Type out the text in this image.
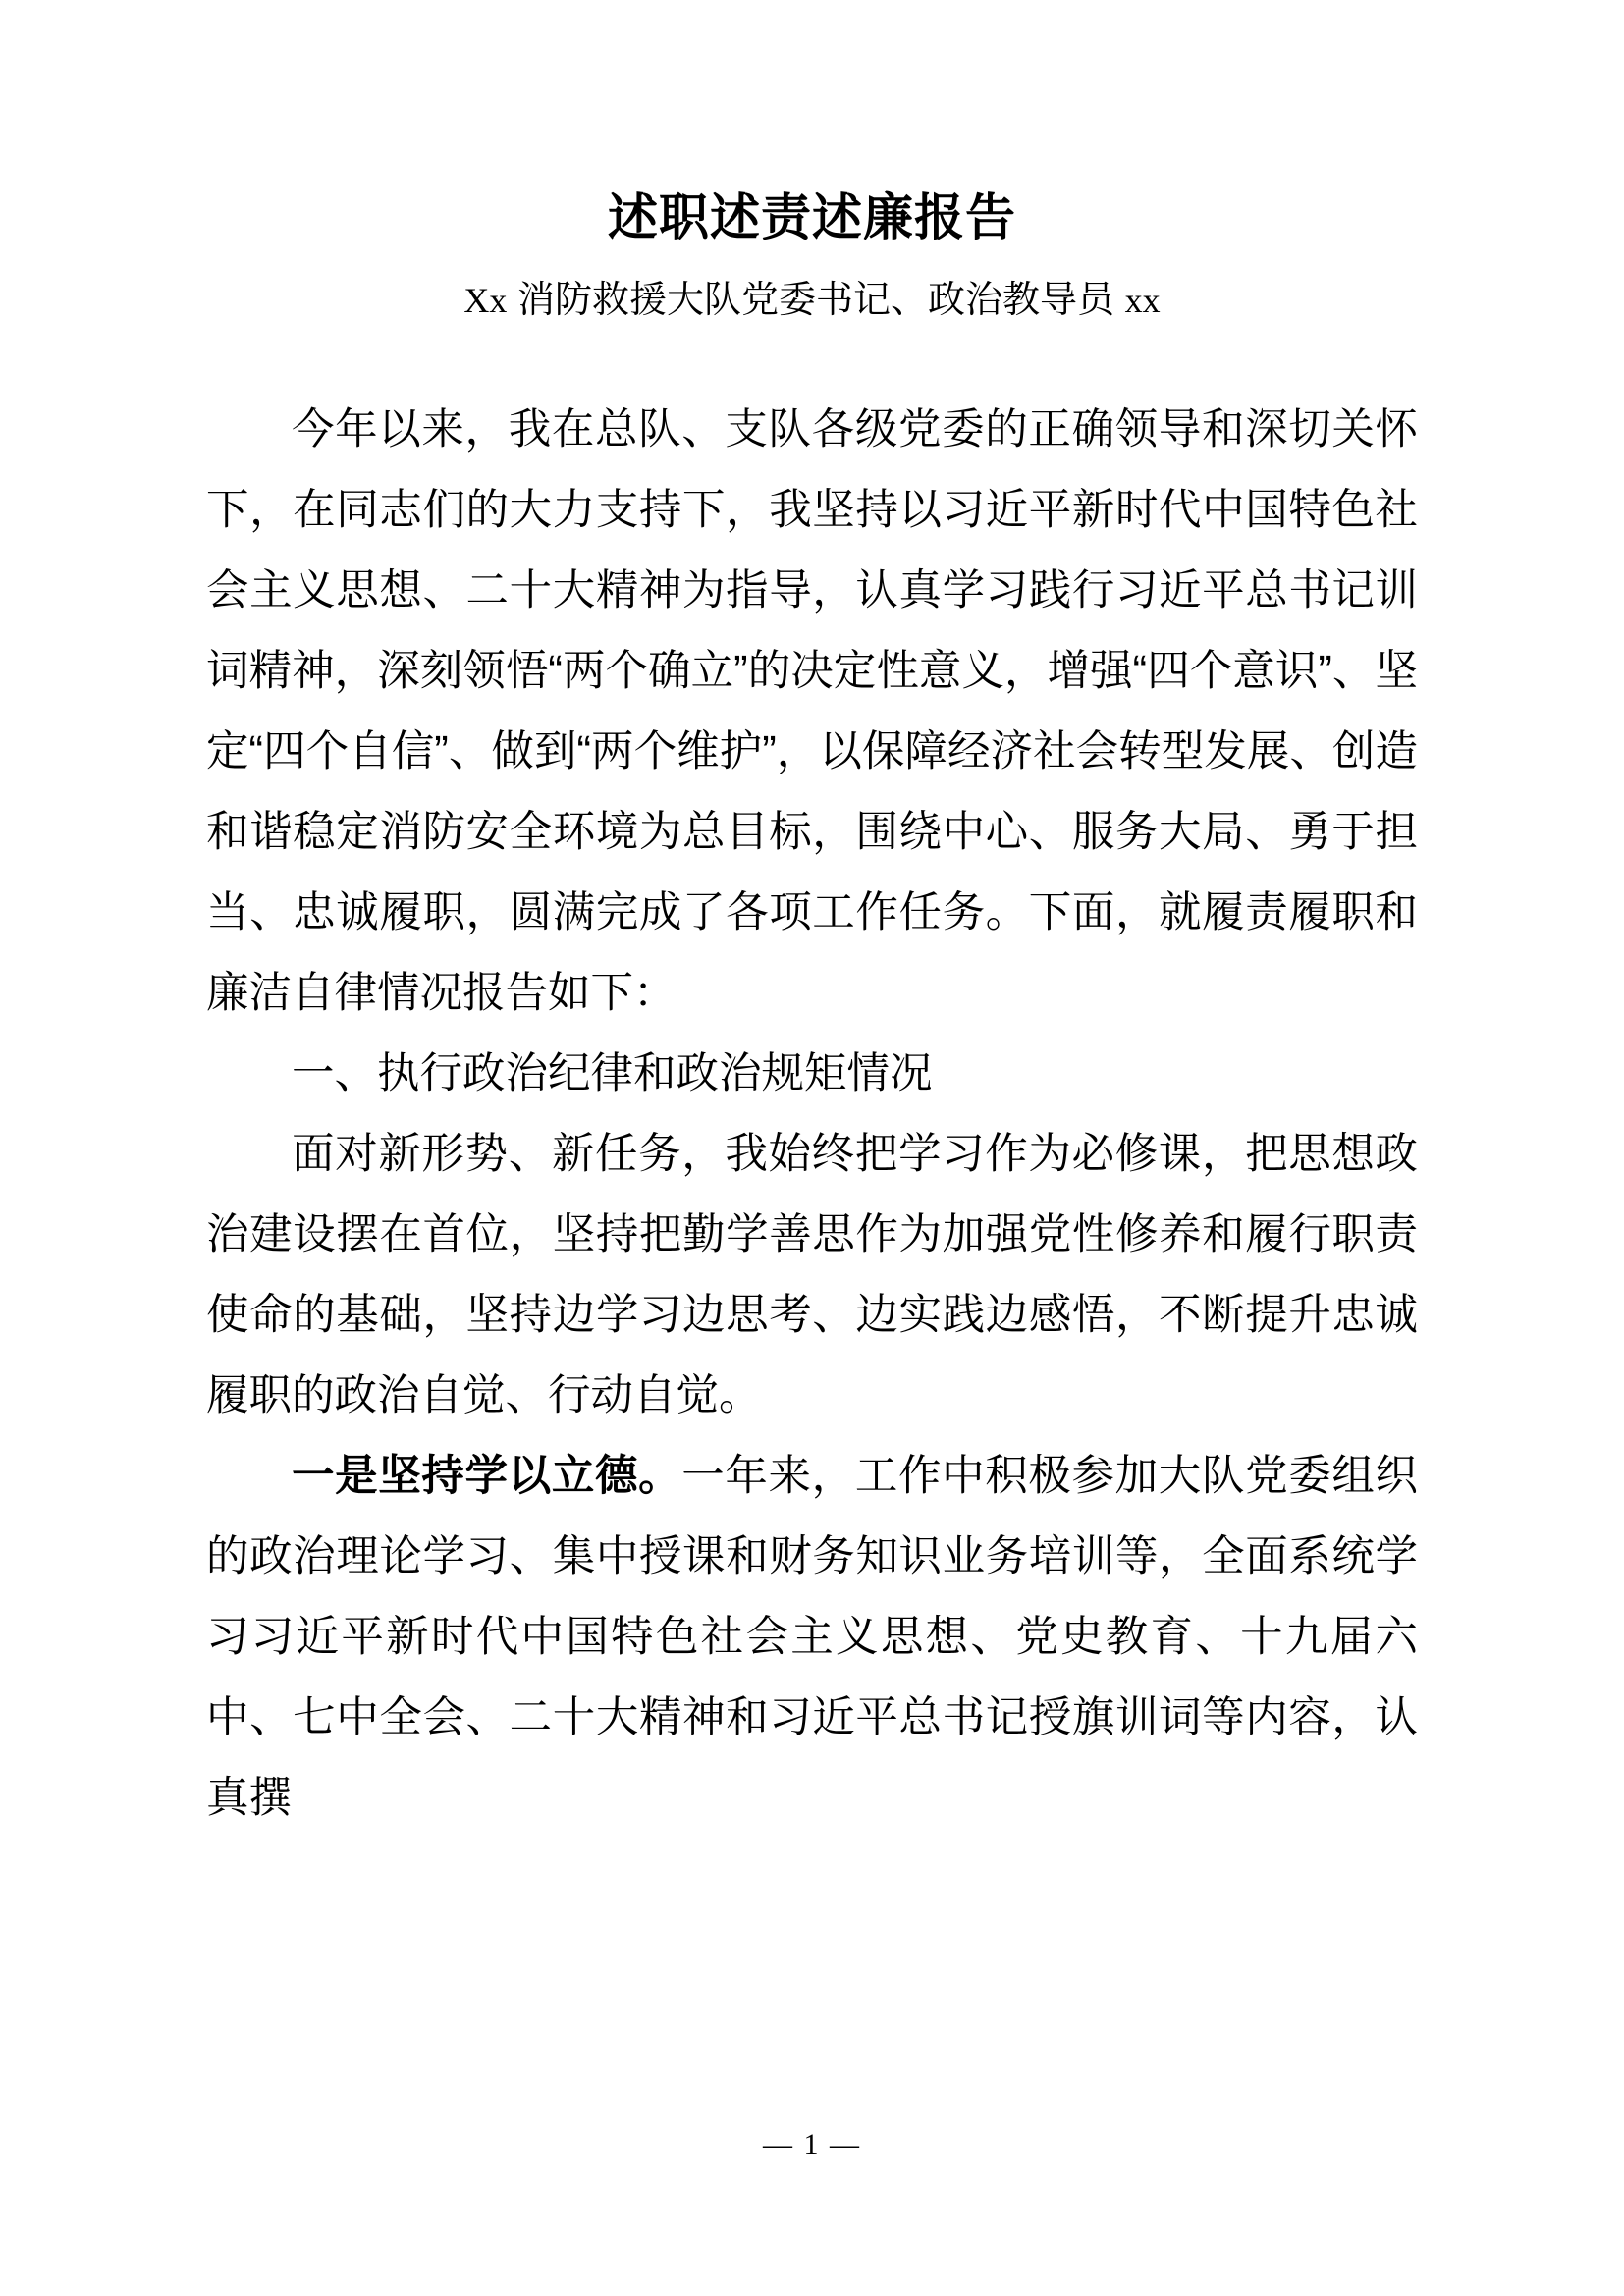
述职述责述廉报告
Xx 消防救援大队党委书记、政治教导员 xx

今年以来，我在总队、支队各级党委的正确领导和深切关怀下，在同志们的大力支持下，我坚持以习近平新时代中国特色社会主义思想、二十大精神为指导，认真学习践行习近平总书记训词精神，深刻领悟“两个确立”的决定性意义，增强“四个意识”、坚定“四个自信”、做到“两个维护”，以保障经济社会转型发展、创造和谐稳定消防安全环境为总目标，围绕中心、服务大局、勇于担当、忠诚履职，圆满完成了各项工作任务。下面，就履责履职和廉洁自律情况报告如下：

一、执行政治纪律和政治规矩情况

面对新形势、新任务，我始终把学习作为必修课，把思想政治建设摆在首位，坚持把勤学善思作为加强党性修养和履行职责使命的基础，坚持边学习边思考、边实践边感悟，不断提升忠诚履职的政治自觉、行动自觉。

一是坚持学以立德。一年来，工作中积极参加大队党委组织的政治理论学习、集中授课和财务知识业务培训等，全面系统学习习近平新时代中国特色社会主义思想、党史教育、十九届六中、七中全会、二十大精神和习近平总书记授旗训词等内容，认真撰

— 1 —
